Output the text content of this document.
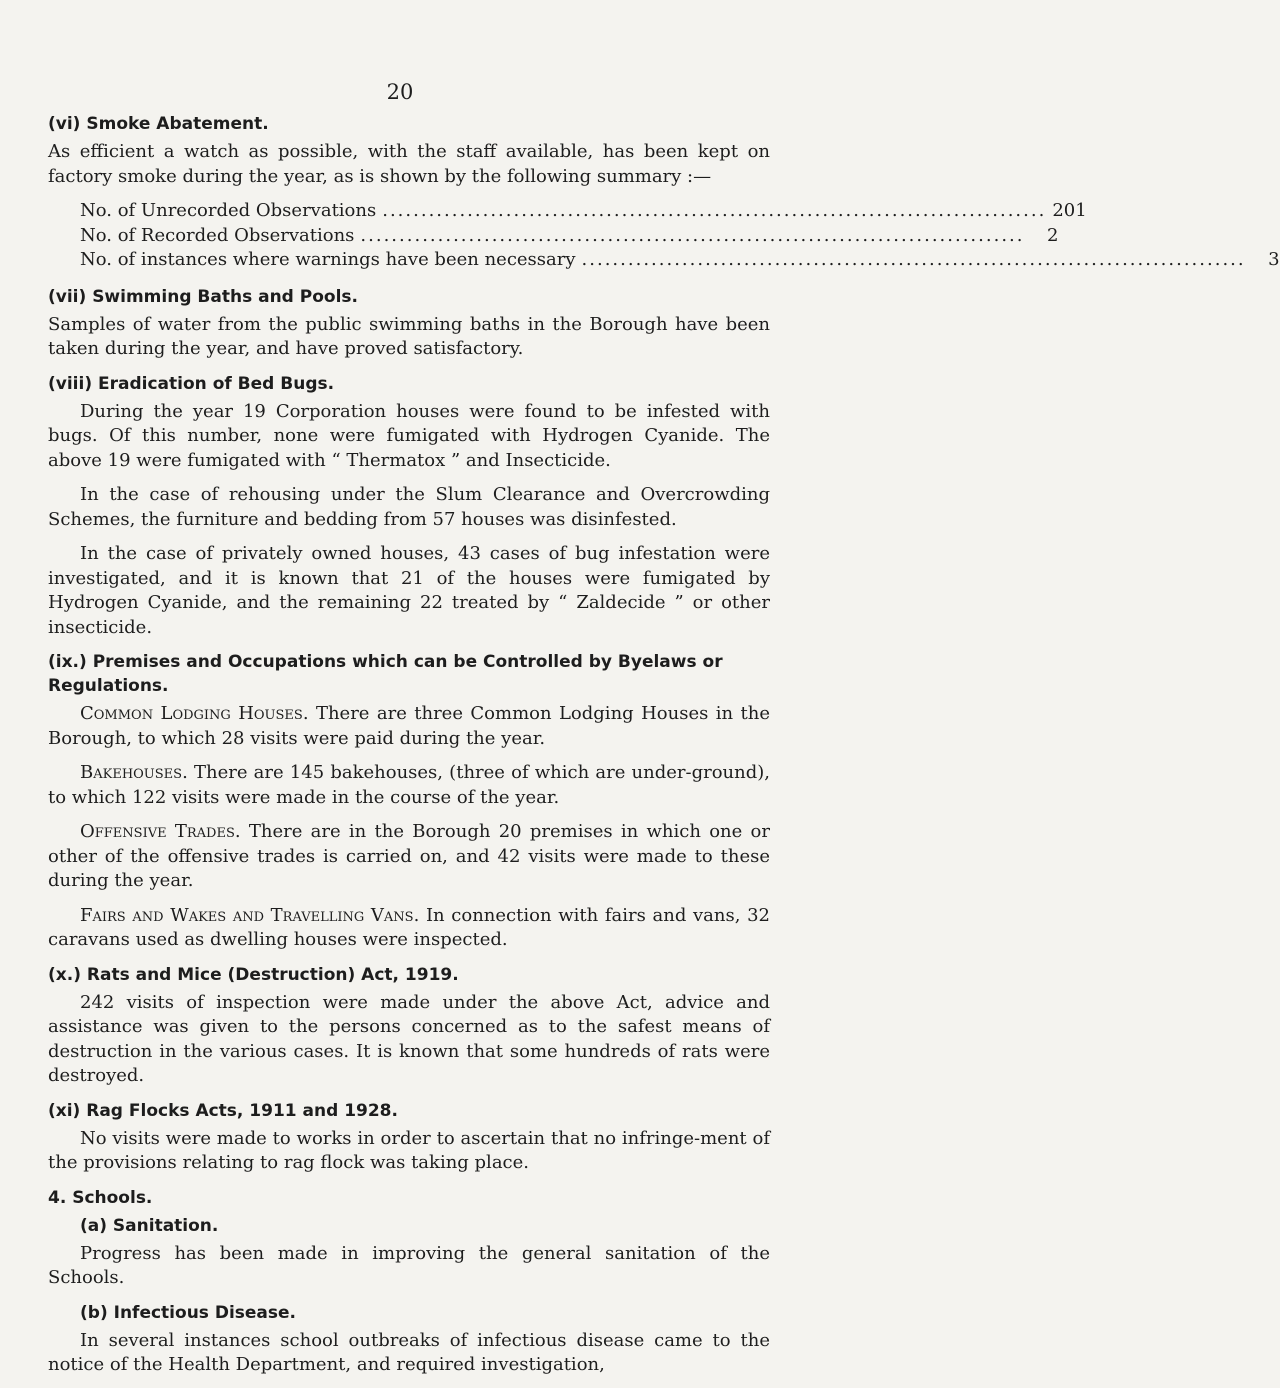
20
(vi) Smoke Abatement.

As efficient a watch as possible, with the staff available, has been kept on factory smoke during the year, as is shown by the following summary :—

No. of Unrecorded Observations ...................................................................................... 201
No. of Recorded Observations ......................................................................................	2
No. of instances where warnings have been necessary ......................................................................................	3
(vii) Swimming Baths and Pools.

Samples of water from the public swimming baths in the Borough have been taken during the year, and have proved satisfactory.

(viii) Eradication of Bed Bugs.

During the year 19 Corporation houses were found to be infested with bugs. Of this number, none were fumigated with Hydrogen Cyanide. The above 19 were fumigated with “ Thermatox ” and Insecticide.

In the case of rehousing under the Slum Clearance and Overcrowding Schemes, the furniture and bedding from 57 houses was disinfested.

In the case of privately owned houses, 43 cases of bug infestation were investigated, and it is known that 21 of the houses were fumigated by Hydrogen Cyanide, and the remaining 22 treated by “ Zaldecide ” or other insecticide.

(ix.) Premises and Occupations which can be Controlled by Byelaws or Regulations.

Common Lodging Houses. There are three Common Lodging Houses in the Borough, to which 28 visits were paid during the year.

Bakehouses. There are 145 bakehouses, (three of which are under-ground), to which 122 visits were made in the course of the year.

Offensive Trades. There are in the Borough 20 premises in which one or other of the offensive trades is carried on, and 42 visits were made to these during the year.

Fairs and Wakes and Travelling Vans. In connection with fairs and vans, 32 caravans used as dwelling houses were inspected.

(x.) Rats and Mice (Destruction) Act, 1919.

242 visits of inspection were made under the above Act, advice and assistance was given to the persons concerned as to the safest means of destruction in the various cases. It is known that some hundreds of rats were destroyed.

(xi) Rag Flocks Acts, 1911 and 1928.

No visits were made to works in order to ascertain that no infringe-ment of the provisions relating to rag flock was taking place.

4. Schools.
(a) Sanitation.

Progress has been made in improving the general sanitation of the Schools.

(b) Infectious Disease.

In several instances school outbreaks of infectious disease came to the notice of the Health Department, and required investigation,
